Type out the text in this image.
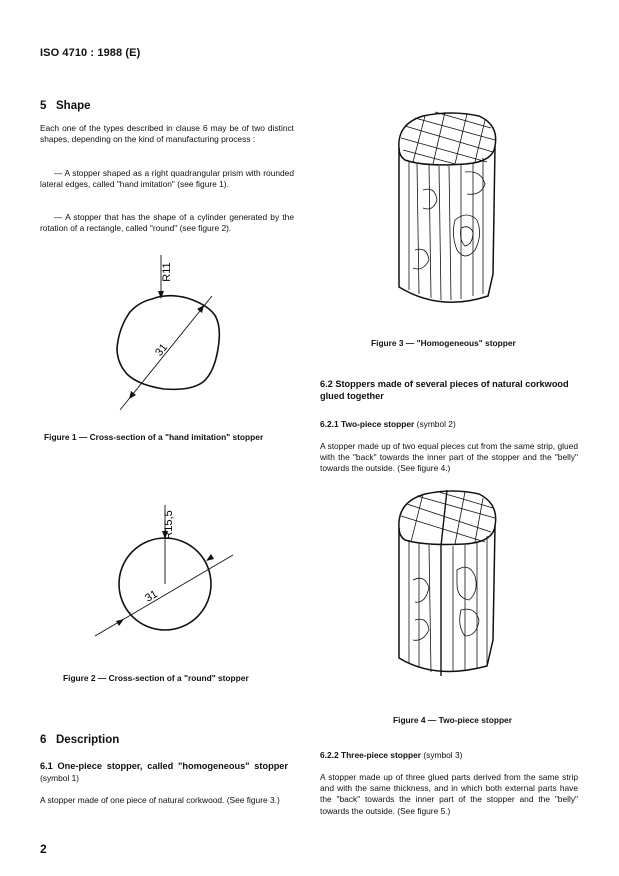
ISO 4710 : 1988 (E)
5 Shape
Each one of the types described in clause 6 may be of two distinct shapes, depending on the kind of manufacturing process :
— A stopper shaped as a right quadrangular prism with rounded lateral edges, called "hand imitation" (see figure 1).
— A stopper that has the shape of a cylinder generated by the rotation of a rectangle, called "round" (see figure 2).
R11
31
Figure 1 — Cross-section of a "hand imitation" stopper
R15,5
31
Figure 2 — Cross-section of a "round" stopper
6 Description
6.1 One-piece stopper, called "homogeneous" stopper (symbol 1)
A stopper made of one piece of natural corkwood. (See figure 3.)
2
Figure 3 — "Homogeneous" stopper
6.2 Stoppers made of several pieces of natural corkwood glued together
6.2.1 Two-piece stopper (symbol 2)
A stopper made up of two equal pieces cut from the same strip, glued with the "back" towards the inner part of the stopper and the "belly" towards the outside. (See figure 4.)
Figure 4 — Two-piece stopper
6.2.2 Three-piece stopper (symbol 3)
A stopper made up of three glued parts derived from the same strip and with the same thickness, and in which both external parts have the "back" towards the inner part of the stopper and the "belly" towards the outside. (See figure 5.)
